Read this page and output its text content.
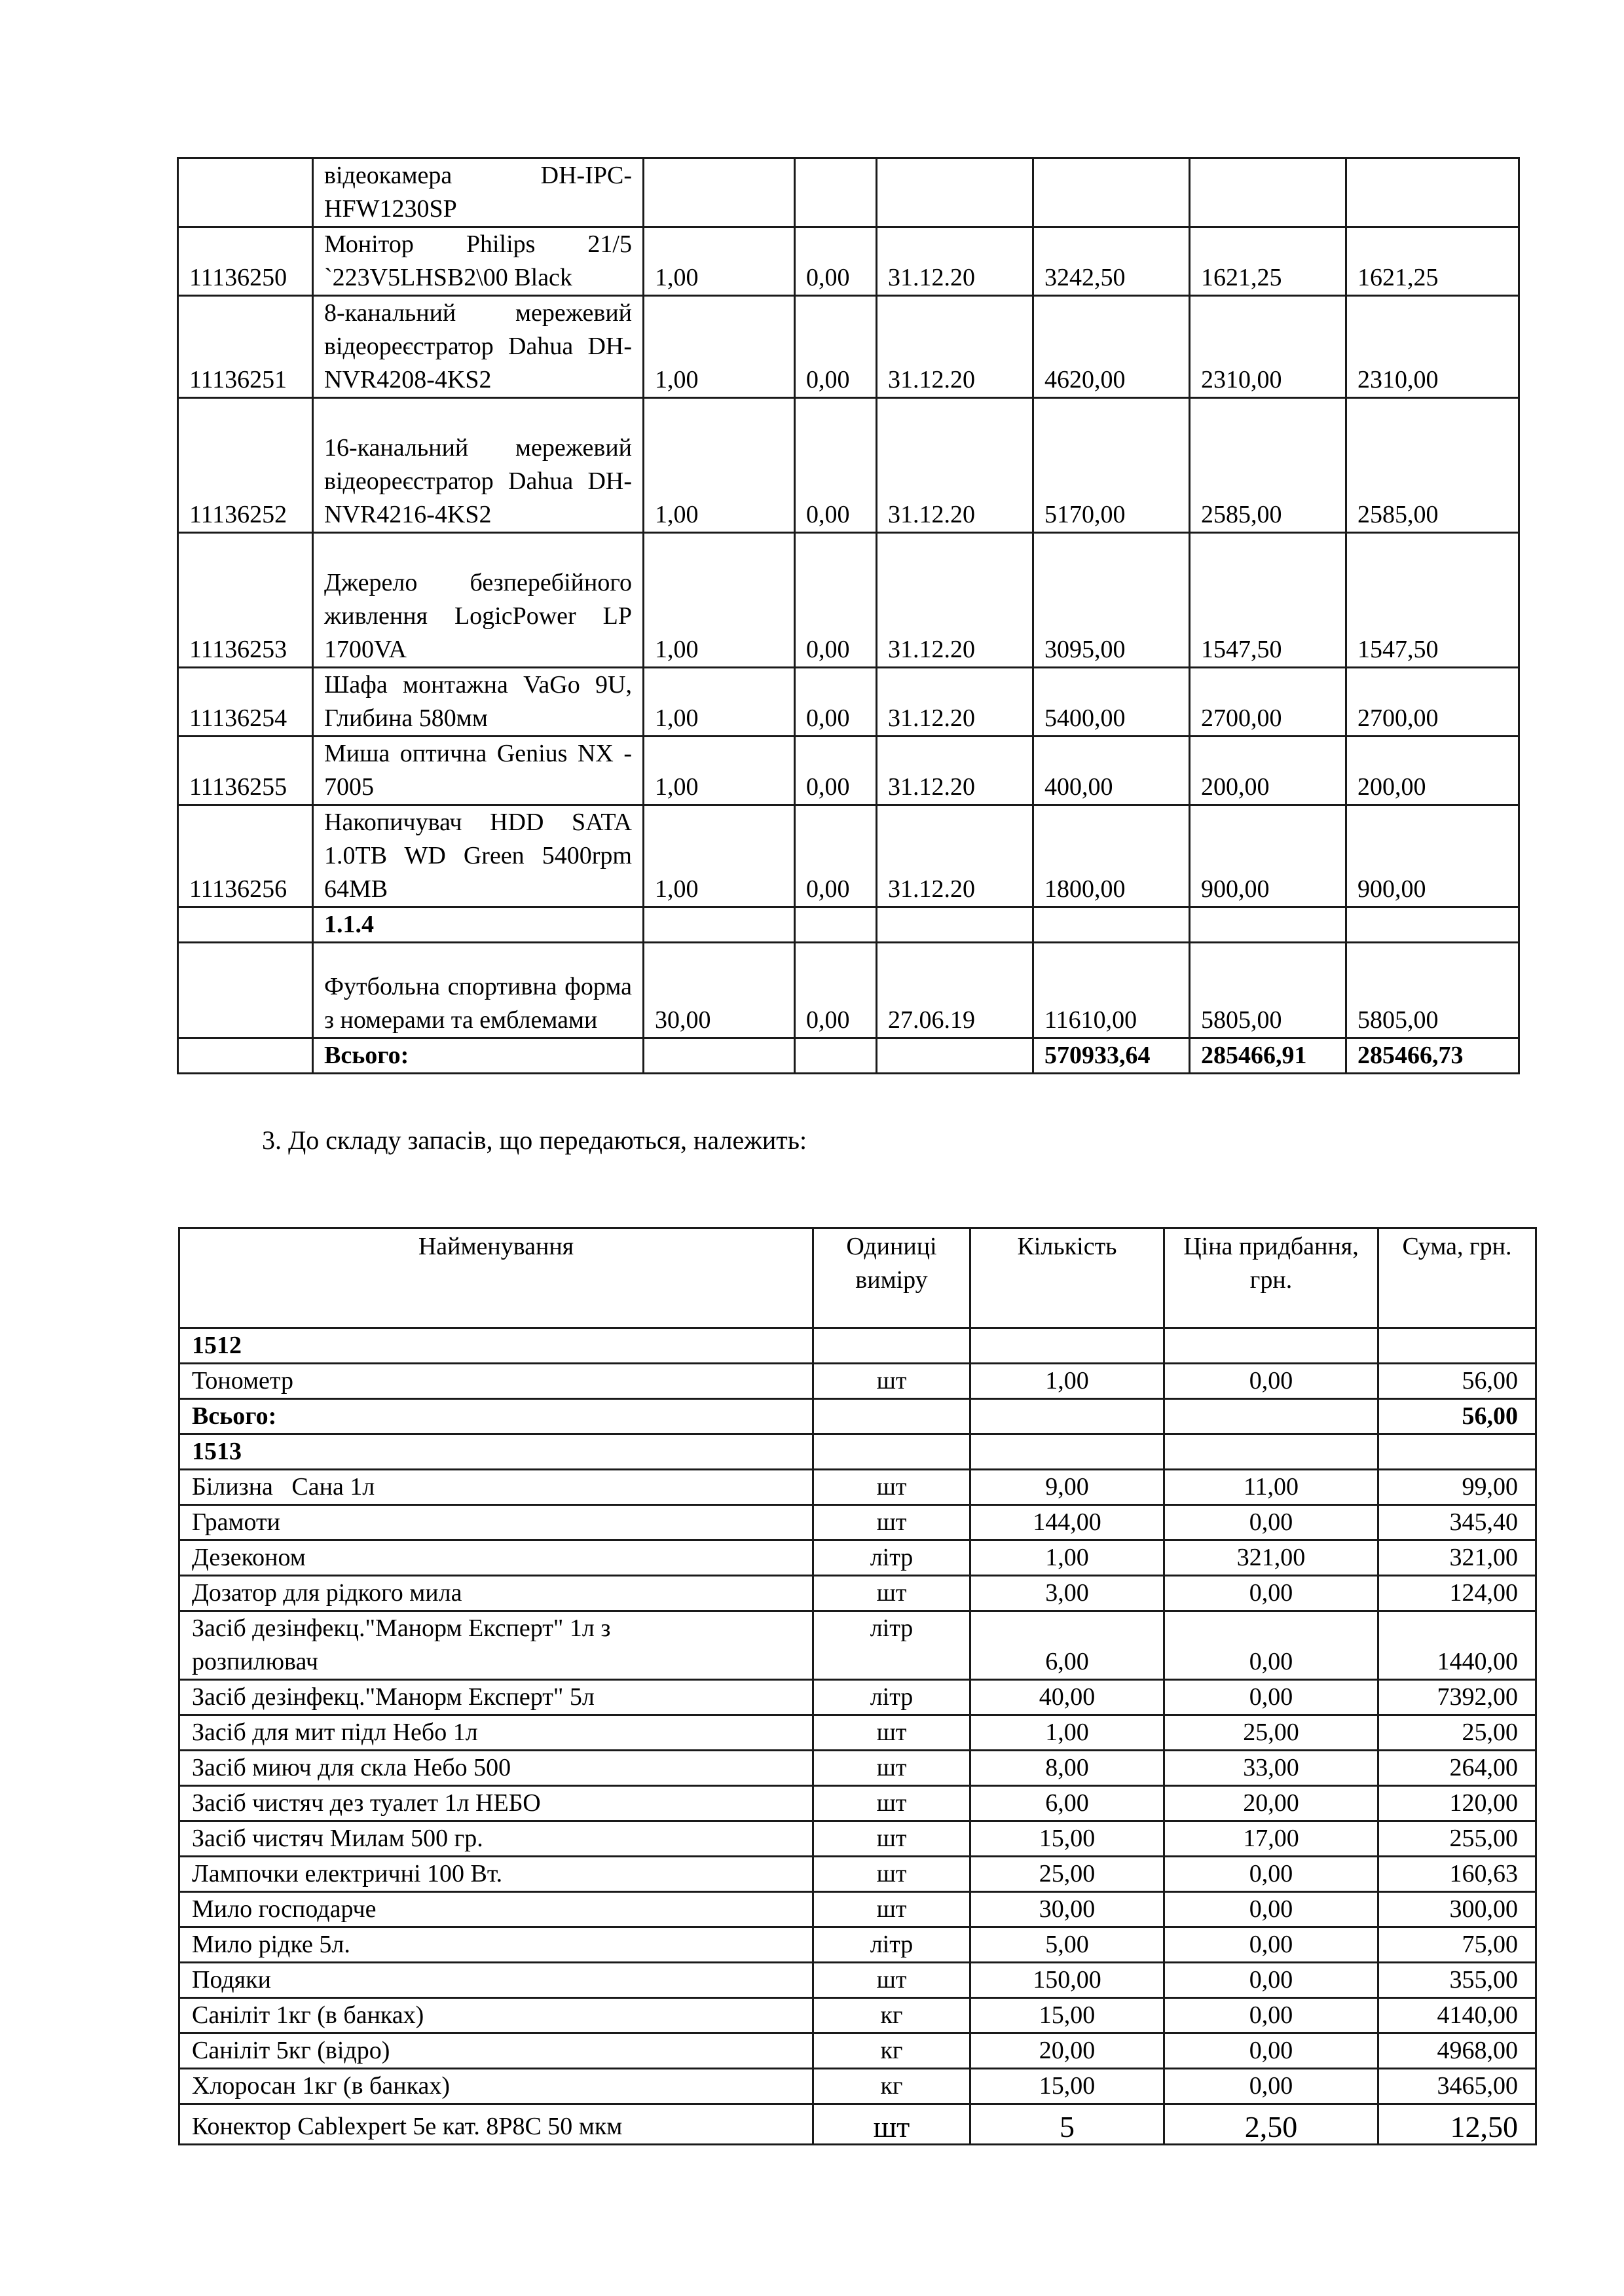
	відеокамера DH-IPC-HFW1230SP						
11136250	Монітор Philips 21/5 `223V5LHSB2\00 Black	1,00	0,00	31.12.20	3242,50	1621,25	1621,25
11136251	8-канальний мережевий відеореєстратор Dahua DH-NVR4208-4KS2	1,00	0,00	31.12.20	4620,00	2310,00	2310,00
11136252	16-канальний мережевий відеореєстратор Dahua DH-NVR4216-4KS2	1,00	0,00	31.12.20	5170,00	2585,00	2585,00
11136253	Джерело безперебійного живлення LogicPower LP 1700VA	1,00	0,00	31.12.20	3095,00	1547,50	1547,50
11136254	Шафа монтажна VaGo 9U, Глибина 580мм	1,00	0,00	31.12.20	5400,00	2700,00	2700,00
11136255	Миша оптична Genius NX - 7005	1,00	0,00	31.12.20	400,00	200,00	200,00
11136256	Накопичувач HDD SATA 1.0TB WD Green 5400rpm 64MB	1,00	0,00	31.12.20	1800,00	900,00	900,00
	1.1.4						
	Футбольна спортивна форма з номерами та емблемами	30,00	0,00	27.06.19	11610,00	5805,00	5805,00
	Всього:				570933,64	285466,91	285466,73

3. До складу запасів, що передаються, належить:

Найменування	Одиниці виміру	Кількість	Ціна придбання, грн.	Сума, грн.
1512				
Тонометр	шт	1,00	0,00	56,00
Всього:				56,00
1513				
Білизна   Сана 1л	шт	9,00	11,00	99,00
Грамоти	шт	144,00	0,00	345,40
Дезеконом	літр	1,00	321,00	321,00
Дозатор для рідкого мила	шт	3,00	0,00	124,00
Засіб дезінфекц."Манорм Експерт" 1л з розпилювач	літр	6,00	0,00	1440,00
Засіб дезінфекц."Манорм Експерт" 5л	літр	40,00	0,00	7392,00
Засіб для мит підл Небо 1л	шт	1,00	25,00	25,00
Засіб миюч для скла Небо 500	шт	8,00	33,00	264,00
Засіб чистяч дез туалет 1л НЕБО	шт	6,00	20,00	120,00
Засіб чистяч Милам 500 гр.	шт	15,00	17,00	255,00
Лампочки електричні 100 Вт.	шт	25,00	0,00	160,63
Мило господарче	шт	30,00	0,00	300,00
Мило рідке 5л.	літр	5,00	0,00	75,00
Подяки	шт	150,00	0,00	355,00
Саніліт 1кг (в банках)	кг	15,00	0,00	4140,00
Саніліт 5кг (відро)	кг	20,00	0,00	4968,00
Хлоросан 1кг (в банках)	кг	15,00	0,00	3465,00
Конектор Cablexpert 5е кат. 8Р8С 50 мкм	шт	5	2,50	12,50
